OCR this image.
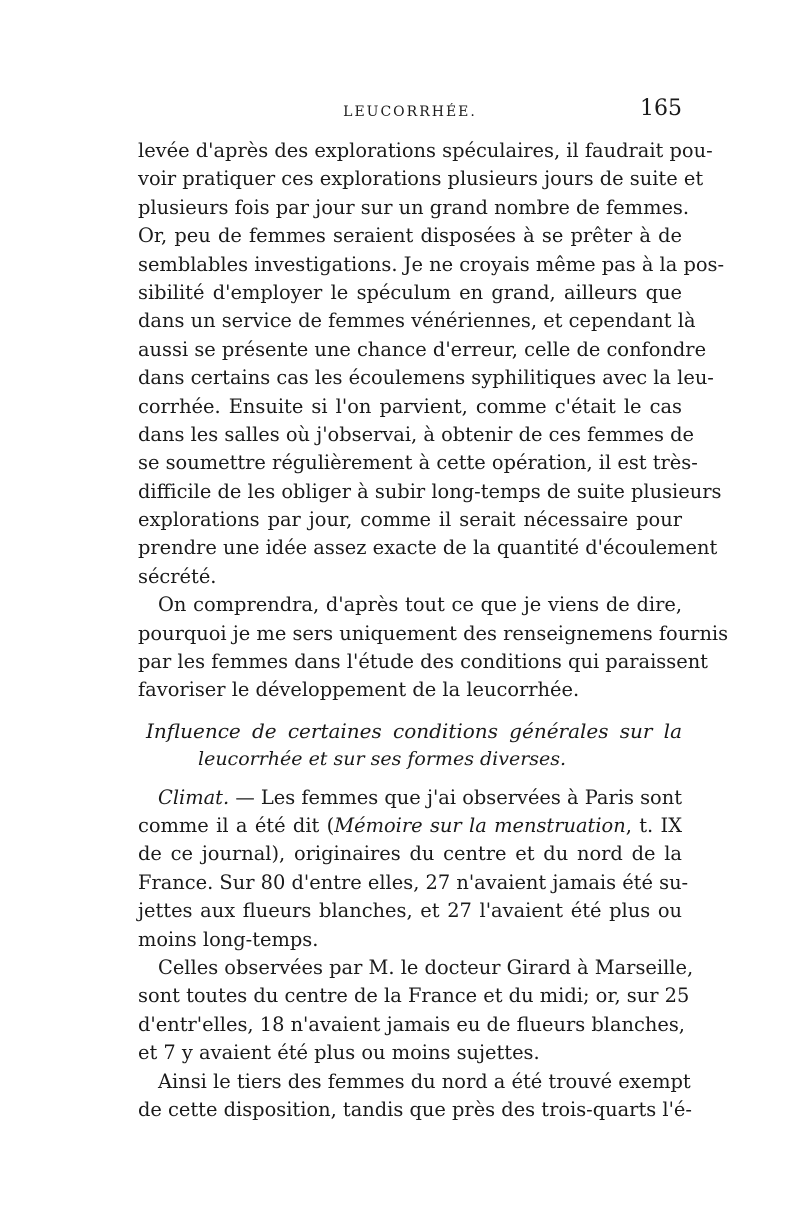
LEUCORRHÉE.	165
levée d'après des explorations spéculaires, il faudrait pou-
voir pratiquer ces explorations plusieurs jours de suite et
plusieurs fois par jour sur un grand nombre de femmes.
Or, peu de femmes seraient disposées à se prêter à de
semblables investigations. Je ne croyais même pas à la pos-
sibilité d'employer le spéculum en grand, ailleurs que
dans un service de femmes vénériennes, et cependant là
aussi se présente une chance d'erreur, celle de confondre
dans certains cas les écoulemens syphilitiques avec la leu-
corrhée. Ensuite si l'on parvient, comme c'était le cas
dans les salles où j'observai, à obtenir de ces femmes de
se soumettre régulièrement à cette opération, il est très-
difficile de les obliger à subir long-temps de suite plusieurs
explorations par jour, comme il serait nécessaire pour
prendre une idée assez exacte de la quantité d'écoulement
sécrété.
On comprendra, d'après tout ce que je viens de dire,
pourquoi je me sers uniquement des renseignemens fournis
par les femmes dans l'étude des conditions qui paraissent
favoriser le développement de la leucorrhée.
Influence de certaines conditions générales sur la
leucorrhée et sur ses formes diverses.
Climat. — Les femmes que j'ai observées à Paris sont
comme il a été dit (Mémoire sur la menstruation, t. IX
de ce journal), originaires du centre et du nord de la
France. Sur 80 d'entre elles, 27 n'avaient jamais été su-
jettes aux flueurs blanches, et 27 l'avaient été plus ou
moins long-temps.
Celles observées par M. le docteur Girard à Marseille,
sont toutes du centre de la France et du midi; or, sur 25
d'entr'elles, 18 n'avaient jamais eu de flueurs blanches,
et 7 y avaient été plus ou moins sujettes.
Ainsi le tiers des femmes du nord a été trouvé exempt
de cette disposition, tandis que près des trois-quarts l'é-
